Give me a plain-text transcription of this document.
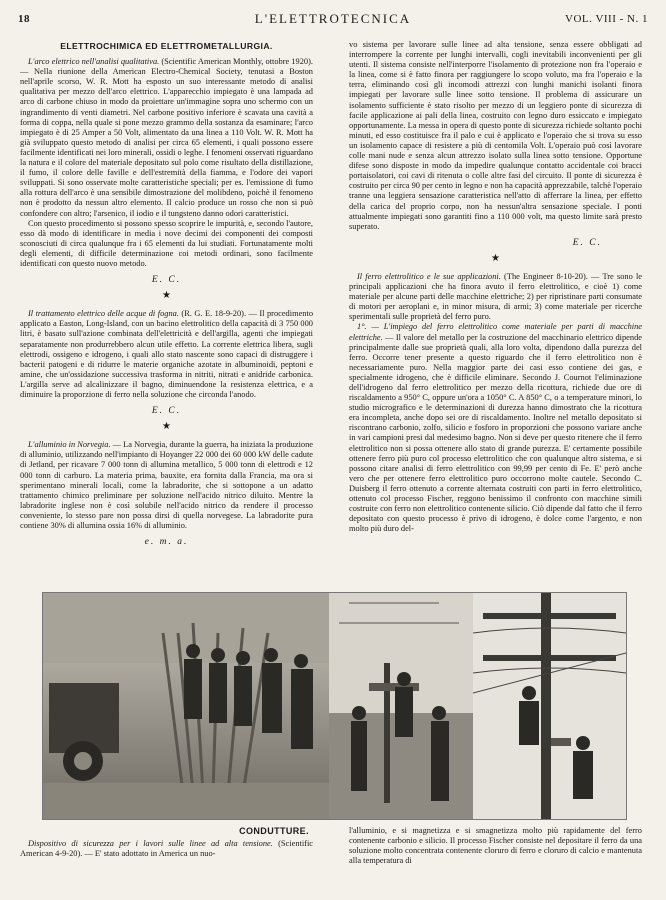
18	L'ELETTROTECNICA	VOL. VIII - N. 1
ELETTROCHIMICA ED ELETTROMETALLURGIA.

L'arco elettrico nell'analisi qualitativa. (Scientific American Monthly, ottobre 1920). — Nella riunione della American Electro-Chemical Society, tenutasi a Boston nell'aprile scorso, W. R. Mott ha esposto un suo interessante metodo di analisi qualitativa per mezzo dell'arco elettrico. L'apparecchio impiegato è una lampada ad arco di carbone chiuso in modo da proiettare un'immagine sopra uno schermo con un ingrandimento di venti diametri. Nel carbone positivo inferiore è scavata una cavità a forma di coppa, nella quale si pone mezzo grammo della sostanza da esaminare; l'arco impiegato è di 25 Amper a 50 Volt, alimentato da una linea a 110 Volt. W. R. Mott ha già sviluppato questo metodo di analisi per circa 65 elementi, i quali possono essere facilmente identificati nei loro minerali, ossidi o leghe. I fenomeni osservati riguardano la natura e il colore del materiale depositato sul polo come risultato della distillazione, il fumo, il colore delle faville e dell'estremità della fiamma, e l'odore dei vapori sviluppati. Si sono osservate molte caratteristiche speciali; per es. l'emissione di fumo alla rottura dell'arco è una sensibile dimostrazione del molibdeno, poichè il fenomeno non è prodotto da nessun altro elemento. Il calcio produce un rosso che non si può confondere con altro; l'arsenico, il iodio e il tungsteno danno odori caratteristici.

Con questo procedimento si possono spesso scoprire le impurità, e, secondo l'autore, esso dà modo di identificare in media i nove decimi dei componenti dei composti sconosciuti di circa qualunque fra i 65 elementi da lui studiati. Fortunatamente molti degli elementi, di difficile determinazione coi metodi ordinari, sono facilmente identificati con questo nuovo metodo.

E. C.
★

Il trattamento elettrico delle acque di fogna. (R. G. E. 18-9-20). — Il procedimento applicato a Easton, Long-Island, con un bacino elettrolitico della capacità di 3 750 000 litri, è basato sull'azione combinata dell'elettricità e dell'argilla, agenti che impiegati separatamente non produrrebbero alcun utile effetto. La corrente elettrica libera, sugli elettrodi, ossigeno e idrogeno, i quali allo stato nascente sono capaci di distruggere i bacterii patogeni e di ridurre le materie organiche azotate in albuminoidi, peptoni e amine, che un'ossidazione successiva trasforma in nitriti, nitrati e anidride carbonica. L'argilla serve ad alcalinizzare il bagno, diminuendone la resistenza elettrica, e a diminuire la proporzione di ferro nella soluzione che circonda l'anodo.

E. C.
★

L'alluminio in Norvegia. — La Norvegia, durante la guerra, ha iniziata la produzione di alluminio, utilizzando nell'impianto di Hoyanger 22 000 dei 60 000 kW delle cadute di Jetland, per ricavare 7 000 tonn di allumina metallico, 5 000 tonn di elettrodi e 12 000 tonn di carburo. La materia prima, bauxite, era fornita dalla Francia, ma ora si sperimentano minerali locali, come la labradorite, che si sottopone a un adatto trattamento chimico preliminare per soluzione nell'acido nitrico diluito. Mentre la labradorite inglese non è così solubile nell'acido nitrico da rendere il processo conveniente, lo stesso pare non possa dirsi di quella norvegese. La labradorite pura contiene 30% di allumina ossia 16% di alluminio.

e. m. a.

vo sistema per lavorare sulle linee ad alta tensione, senza essere obbligati ad interrompere la corrente per lunghi intervalli, cogli inevitabili inconvenienti per gli utenti. Il sistema consiste nell'interporre l'isolamento di protezione non fra l'operaio e la linea, come si è fatto finora per raggiungere lo scopo voluto, ma fra l'operaio e la terra, eliminando così gli incomodi attrezzi con lunghi manichi isolanti finora impiegati per lavorare sulle linee sotto tensione. Il problema di assicurare un isolamento sufficiente è stato risolto per mezzo di un leggiero ponte di sicurezza di facile applicazione ai pali della linea, costruito con legno duro essiccato e impiegato opportunamente. La messa in opera di questo ponte di sicurezza richiede soltanto pochi minuti, ed esso costituisce fra il palo e cui è applicato e l'operaio che si trova su esso un isolamento capace di resistere a più di centomila Volt. L'operaio può così lavorare colle mani nude e senza alcun attrezzo isolato sulla linea sotto tensione. Opportune difese sono disposte in modo da impedire qualunque contatto accidentale coi bracci portaisolatori, coi cavi di ritenuta o colle altre fasi del circuito. Il ponte di sicurezza è costruito per circa 90 per cento in legno e non ha capacità apprezzabile, talchè l'operaio tranne una leggiera sensazione caratteristica nell'atto di afferrare la linea, per effetto della carica del proprio corpo, non ha nessun'altra sensazione speciale. I ponti attualmente impiegati sono garantiti fino a 110 000 volt, ma questo limite sarà presto superato.

E. C.
★

Il ferro elettrolitico e le sue applicazioni. (The Engineer 8-10-20). — Tre sono le principali applicazioni che ha finora avuto il ferro elettrolitico, e cioè 1) come materiale per alcune parti delle macchine elettriche; 2) per ripristinare parti consumate di motori per aeroplani e, in minor misura, di armi; 3) come materiale per ricerche sperimentali sulle proprietà del ferro puro.

1°. — L'impiego del ferro elettrolitico come materiale per parti di macchine elettriche. — Il valore del metallo per la costruzione del macchinario elettrico dipende principalmente dalle sue proprietà quali, alla loro volta, dipendono dalla purezza del ferro. Occorre tener presente a questo riguardo che il ferro elettrolitico non è necessariamente puro. Nella maggior parte dei casi esso contiene dei gas, e specialmente idrogeno, che è difficile eliminare. Secondo J. Cournot l'eliminazione dell'idrogeno dal ferro elettrolitico per mezzo della ricottura, richiede due ore di riscaldamento a 950° C, oppure un'ora a 1050° C. A 850° C, o a temperature minori, lo studio micrografico e le determinazioni di durezza hanno dimostrato che la ricottura era incompleta, anche dopo sei ore di riscaldamento. Inoltre nel metallo depositato si riscontrano carbonio, zolfo, silicio e fosforo in proporzioni che possono variare anche in vari campioni presi dal medesimo bagno. Non si deve per questo ritenere che il ferro elettrolitico non si possa ottenere allo stato di grande purezza. E' certamente possibile ottenere ferro più puro col processo elettrolitico che con qualunque altro sistema, e si possono citare analisi di ferro elettrolitico con 99,99 per cento di Fe. E' però anche vero che per ottenere ferro elettrolitico puro occorrono molte cautele. Secondo C. Duisberg il ferro ottenuto a corrente alternata costruiti con parti in ferro elettrolitico, ottenuto col processo Fischer, reggono benissimo il confronto con macchine simili costruite con ferro non elettrolitico contenente silicio. Ciò dipende dal fatto che il ferro depositato con questo processo è privo di idrogeno, è dolce come l'argento, e non molto più duro del-

CONDUTTURE.

Dispositivo di sicurezza per i lavori sulle linee ad alta tensione. (Scientific American 4-9-20). — E' stato adottato in America un nuo-

l'alluminio, e si magnetizza e si smagnetizza molto più rapidamente del ferro contenente carbonio e silicio. Il processo Fischer consiste nel depositare il ferro da una soluzione molto concentrata contenente cloruro di ferro e cloruro di calcio e mantenuta alla temperatura di
